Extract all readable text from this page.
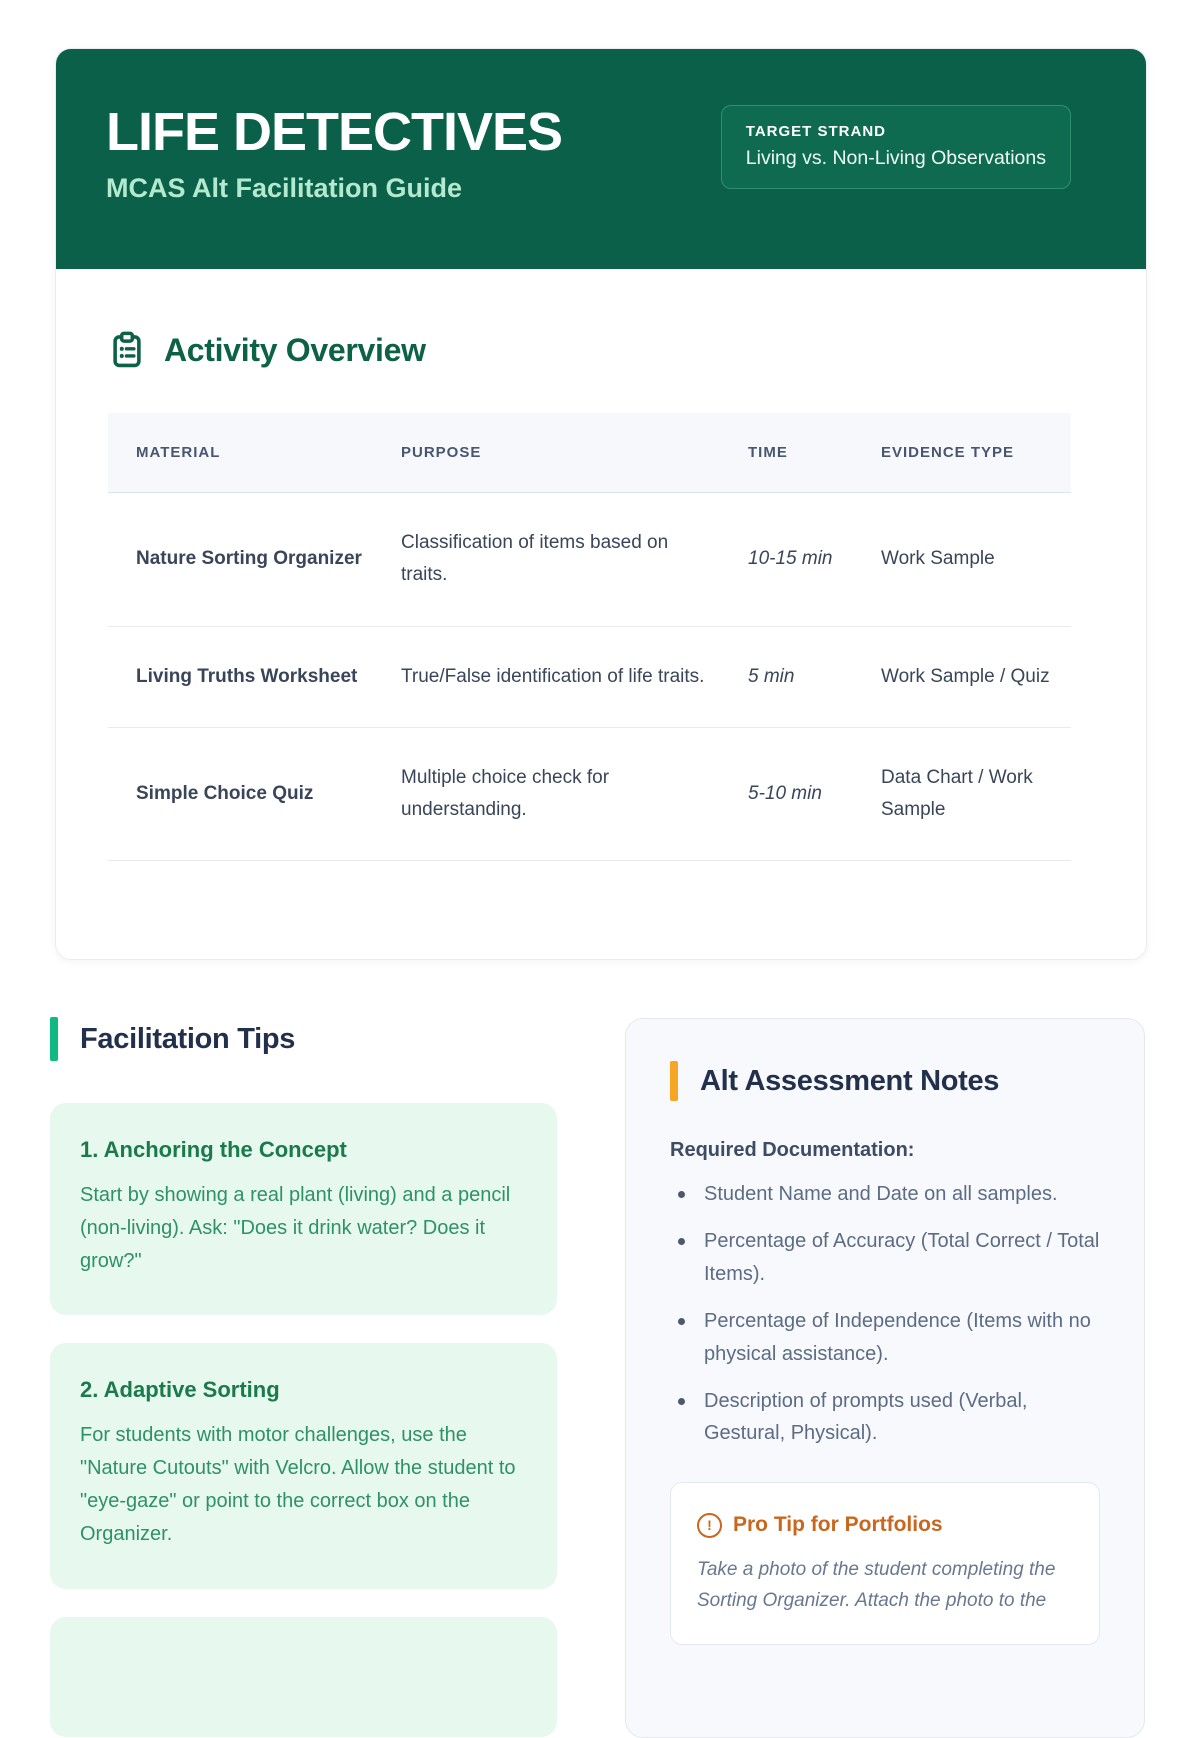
LIFE DETECTIVES
MCAS Alt Facilitation Guide
TARGET STRAND
Living vs. Non-Living Observations
Activity Overview
MATERIAL	PURPOSE	TIME	EVIDENCE TYPE
Nature Sorting Organizer	Classification of items based on traits.	10-15 min	Work Sample
Living Truths Worksheet	True/False identification of life traits.	5 min	Work Sample / Quiz
Simple Choice Quiz	Multiple choice check for understanding.	5-10 min	Data Chart / Work Sample
Facilitation Tips
1. Anchoring the Concept
Start by showing a real plant (living) and a pencil (non-living). Ask: "Does it drink water? Does it grow?"
2. Adaptive Sorting
For students with motor challenges, use the "Nature Cutouts" with Velcro. Allow the student to "eye-gaze" or point to the correct box on the Organizer.
Alt Assessment Notes
Required Documentation:
Student Name and Date on all samples.
Percentage of Accuracy (Total Correct / Total Items).
Percentage of Independence (Items with no physical assistance).
Description of prompts used (Verbal, Gestural, Physical).
!	Pro Tip for Portfolios
Take a photo of the student completing the Sorting Organizer. Attach the photo to the
